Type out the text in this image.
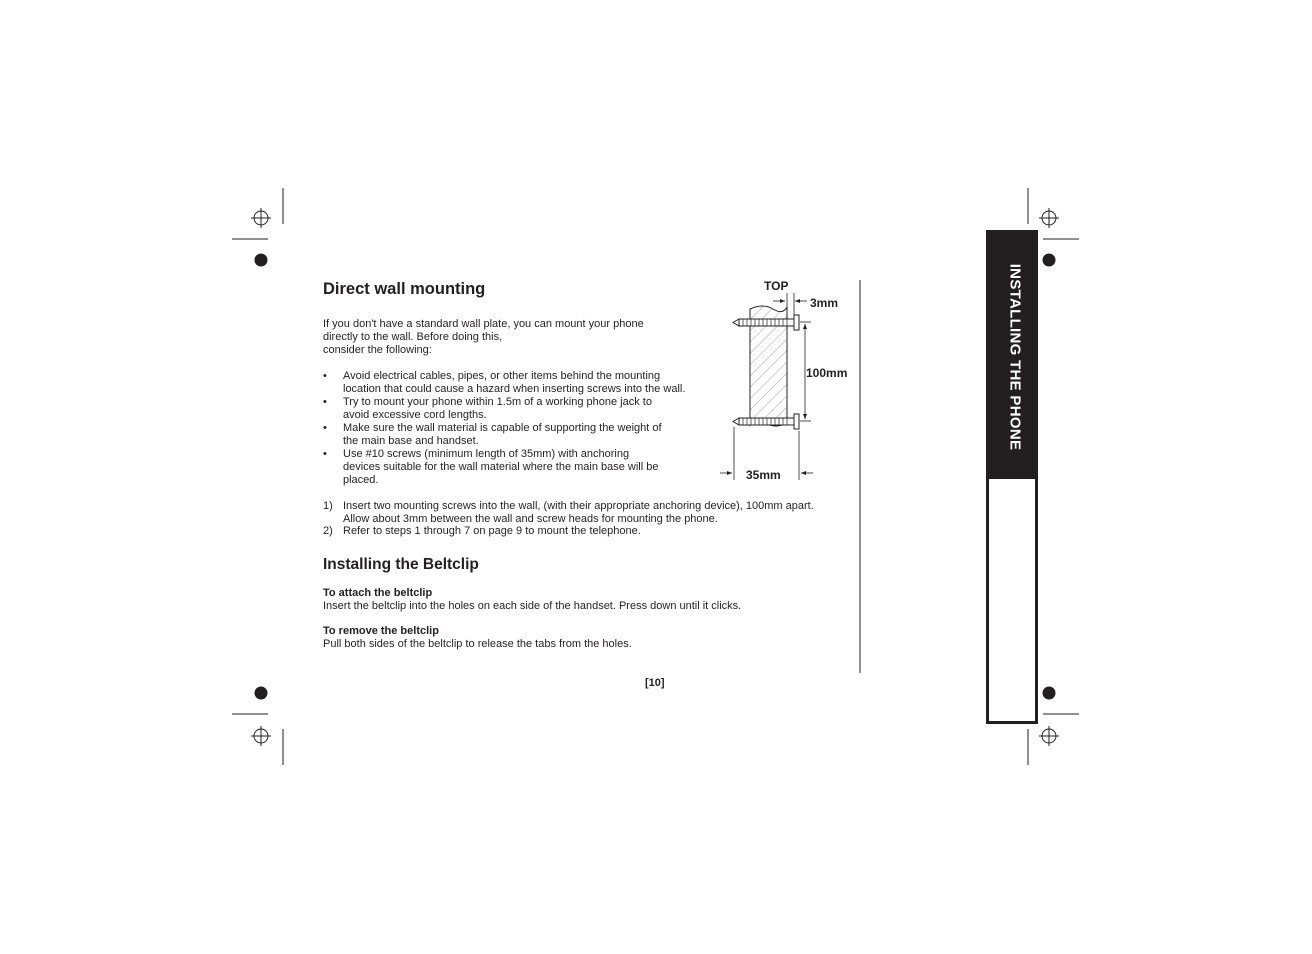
INSTALLING THE PHONE
Direct wall mounting
If you don't have a standard wall plate, you can mount your phone
directly to the wall. Before doing this,
consider the following:
• Avoid electrical cables, pipes, or other items behind the mounting
location that could cause a hazard when inserting screws into the wall.
• Try to mount your phone within 1.5m of a working phone jack to
avoid excessive cord lengths.
• Make sure the wall material is capable of supporting the weight of
the main base and handset.
• Use #10 screws (minimum length of 35mm) with anchoring
devices suitable for the wall material where the main base will be
placed.
1) Insert two mounting screws into the wall, (with their appropriate anchoring device), 100mm apart.
Allow about 3mm between the wall and screw heads for mounting the phone.
2) Refer to steps 1 through 7 on page 9 to mount the telephone.
TOP
3mm
100mm
35mm
Installing the Beltclip
To attach the beltclip
Insert the beltclip into the holes on each side of the handset. Press down until it clicks.
To remove the beltclip
Pull both sides of the beltclip to release the tabs from the holes.
[10]
